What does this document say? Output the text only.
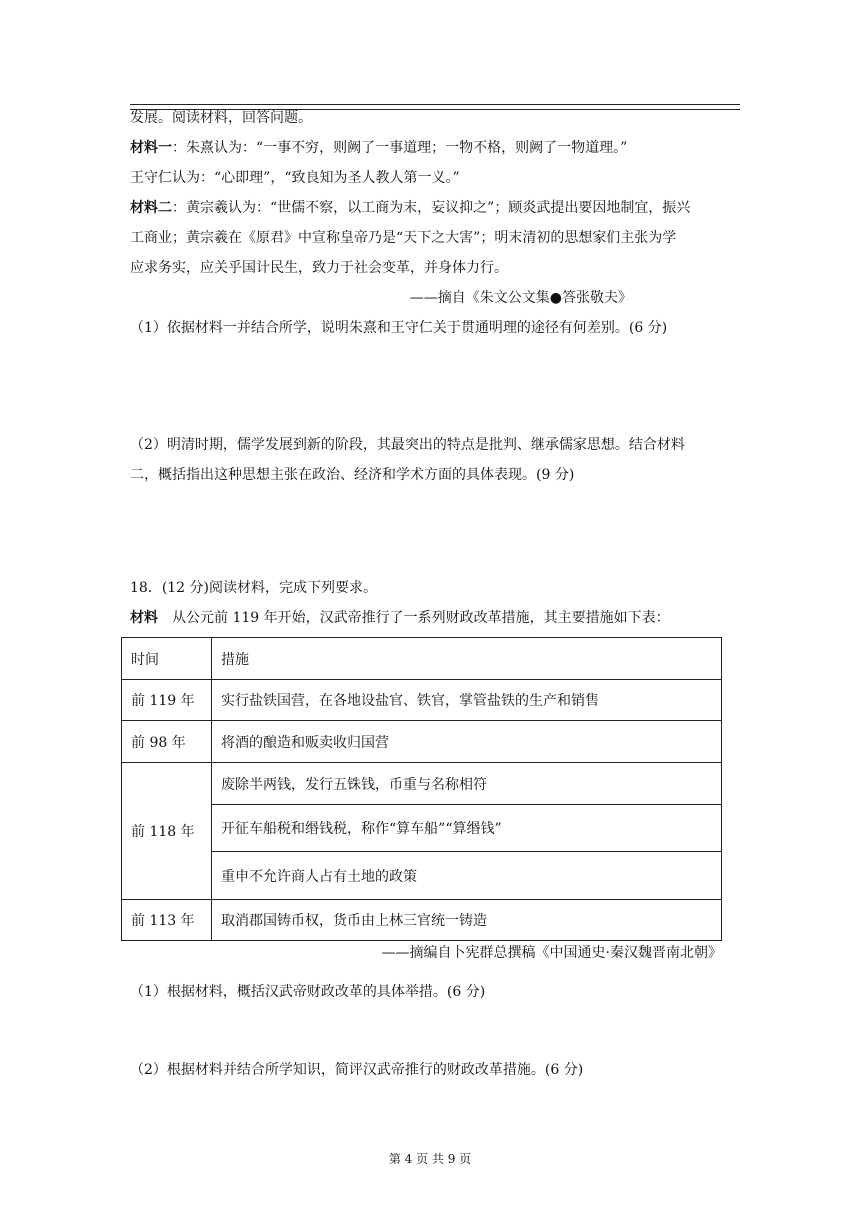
发展。阅读材料，回答问题。
材料一：朱熹认为：“一事不穷，则阙了一事道理；一物不格，则阙了一物道理。”
王守仁认为：“心即理”，“致良知为圣人教人第一义。”
材料二：黄宗羲认为：“世儒不察，以工商为末，妄议抑之”；顾炎武提出要因地制宜，振兴
工商业；黄宗羲在《原君》中宣称皇帝乃是“天下之大害”；明末清初的思想家们主张为学
应求务实，应关乎国计民生，致力于社会变革，并身体力行。
——摘自《朱文公文集●答张敬夫》
（1）依据材料一并结合所学，说明朱熹和王守仁关于贯通明理的途径有何差别。(6 分)
（2）明清时期，儒学发展到新的阶段，其最突出的特点是批判、继承儒家思想。结合材料
二，概括指出这种思想主张在政治、经济和学术方面的具体表现。(9 分)
18．(12 分)阅读材料，完成下列要求。
材料 从公元前 119 年开始，汉武帝推行了一系列财政改革措施，其主要措施如下表：
时间	措施
前 119 年	实行盐铁国营，在各地设盐官、铁官，掌管盐铁的生产和销售
前 98 年	将酒的酿造和贩卖收归国营
前 118 年	废除半两钱，发行五铢钱，币重与名称相符
	开征车船税和缗钱税，称作“算车船”“算缗钱”
	重申不允许商人占有土地的政策
前 113 年	取消郡国铸币权，货币由上林三官统一铸造
——摘编自卜宪群总撰稿《中国通史·秦汉魏晋南北朝》
（1）根据材料，概括汉武帝财政改革的具体举措。(6 分)
（2）根据材料并结合所学知识，简评汉武帝推行的财政改革措施。(6 分)
第 4 页 共 9 页
